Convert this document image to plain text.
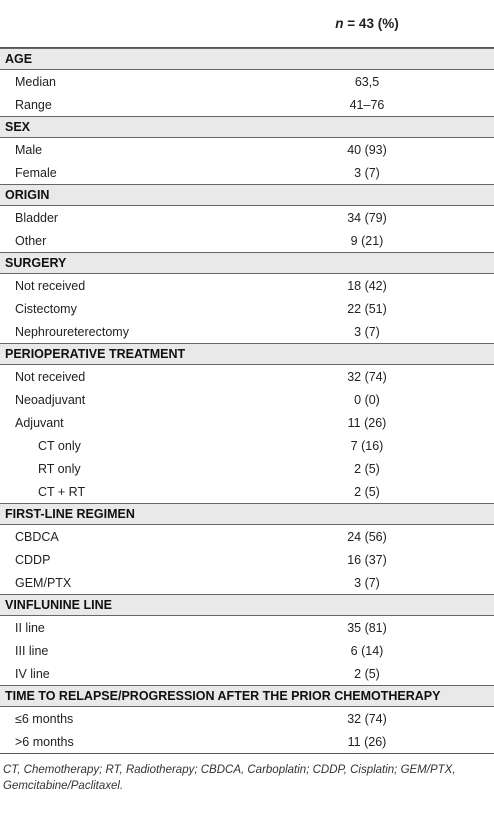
n = 43 (%)
AGE
Median	63,5
Range	41–76
SEX
Male	40 (93)
Female	3 (7)
ORIGIN
Bladder	34 (79)
Other	9 (21)
SURGERY
Not received	18 (42)
Cistectomy	22 (51)
Nephroureterectomy	3 (7)
PERIOPERATIVE TREATMENT
Not received	32 (74)
Neoadjuvant	0 (0)
Adjuvant	11 (26)
CT only	7 (16)
RT only	2 (5)
CT + RT	2 (5)
FIRST-LINE REGIMEN
CBDCA	24 (56)
CDDP	16 (37)
GEM/PTX	3 (7)
VINFLUNINE LINE
II line	35 (81)
III line	6 (14)
IV line	2 (5)
TIME TO RELAPSE/PROGRESSION AFTER THE PRIOR CHEMOTHERAPY
≤6 months	32 (74)
>6 months	11 (26)
CT, Chemotherapy; RT, Radiotherapy; CBDCA, Carboplatin; CDDP, Cisplatin; GEM/PTX, Gemcitabine/Paclitaxel.
